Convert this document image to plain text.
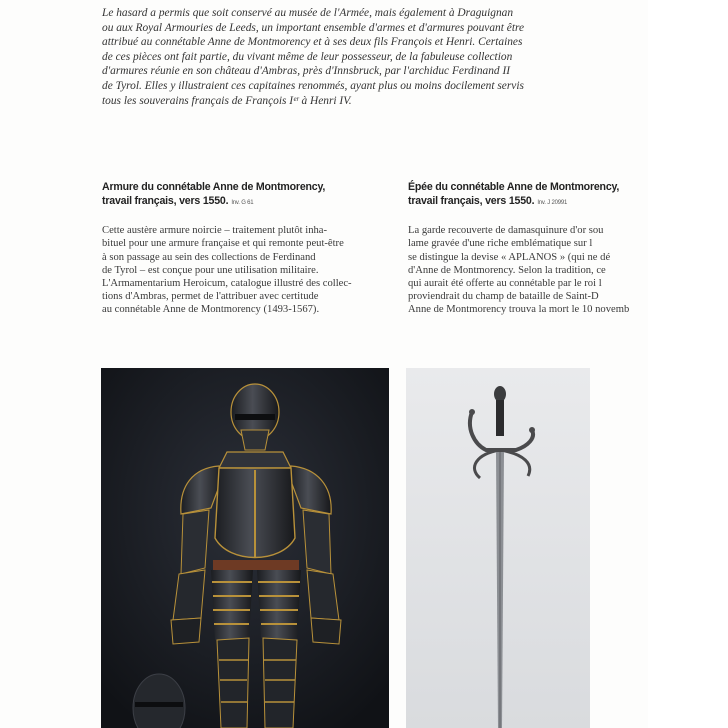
Le hasard a permis que soit conservé au musée de l'Armée, mais également à Draguignan
ou aux Royal Armouries de Leeds, un important ensemble d'armes et d'armures pouvant être
attribué au connétable Anne de Montmorency et à ses deux fils François et Henri. Certaines
de ces pièces ont fait partie, du vivant même de leur possesseur, de la fabuleuse collection
d'armures réunie en son château d'Ambras, près d'Innsbruck, par l'archiduc Ferdinand II
de Tyrol. Elles y illustraient ces capitaines renommés, ayant plus ou moins docilement servis
tous les souverains français de François Iᵉʳ à Henri IV.

Armure du connétable Anne de Montmorency,
travail français, vers 1550. Inv. G 61
Cette austère armure noircie – traitement plutôt inha-
bituel pour une armure française et qui remonte peut-être
à son passage au sein des collections de Ferdinand
de Tyrol – est conçue pour une utilisation militaire.
L'Armamentarium Heroicum, catalogue illustré des collec-
tions d'Ambras, permet de l'attribuer avec certitude
au connétable Anne de Montmorency (1493-1567).
Épée du connétable Anne de Montmorency,
travail français, vers 1550. Inv. J 20991
La garde recouverte de damasquinure d'or sou
lame gravée d'une riche emblématique sur l
se distingue la devise « APLANOS » (qui ne dé
d'Anne de Montmorency. Selon la tradition, ce
qui aurait été offerte au connétable par le roi l
proviendrait du champ de bataille de Saint-D
Anne de Montmorency trouva la mort le 10 novemb
